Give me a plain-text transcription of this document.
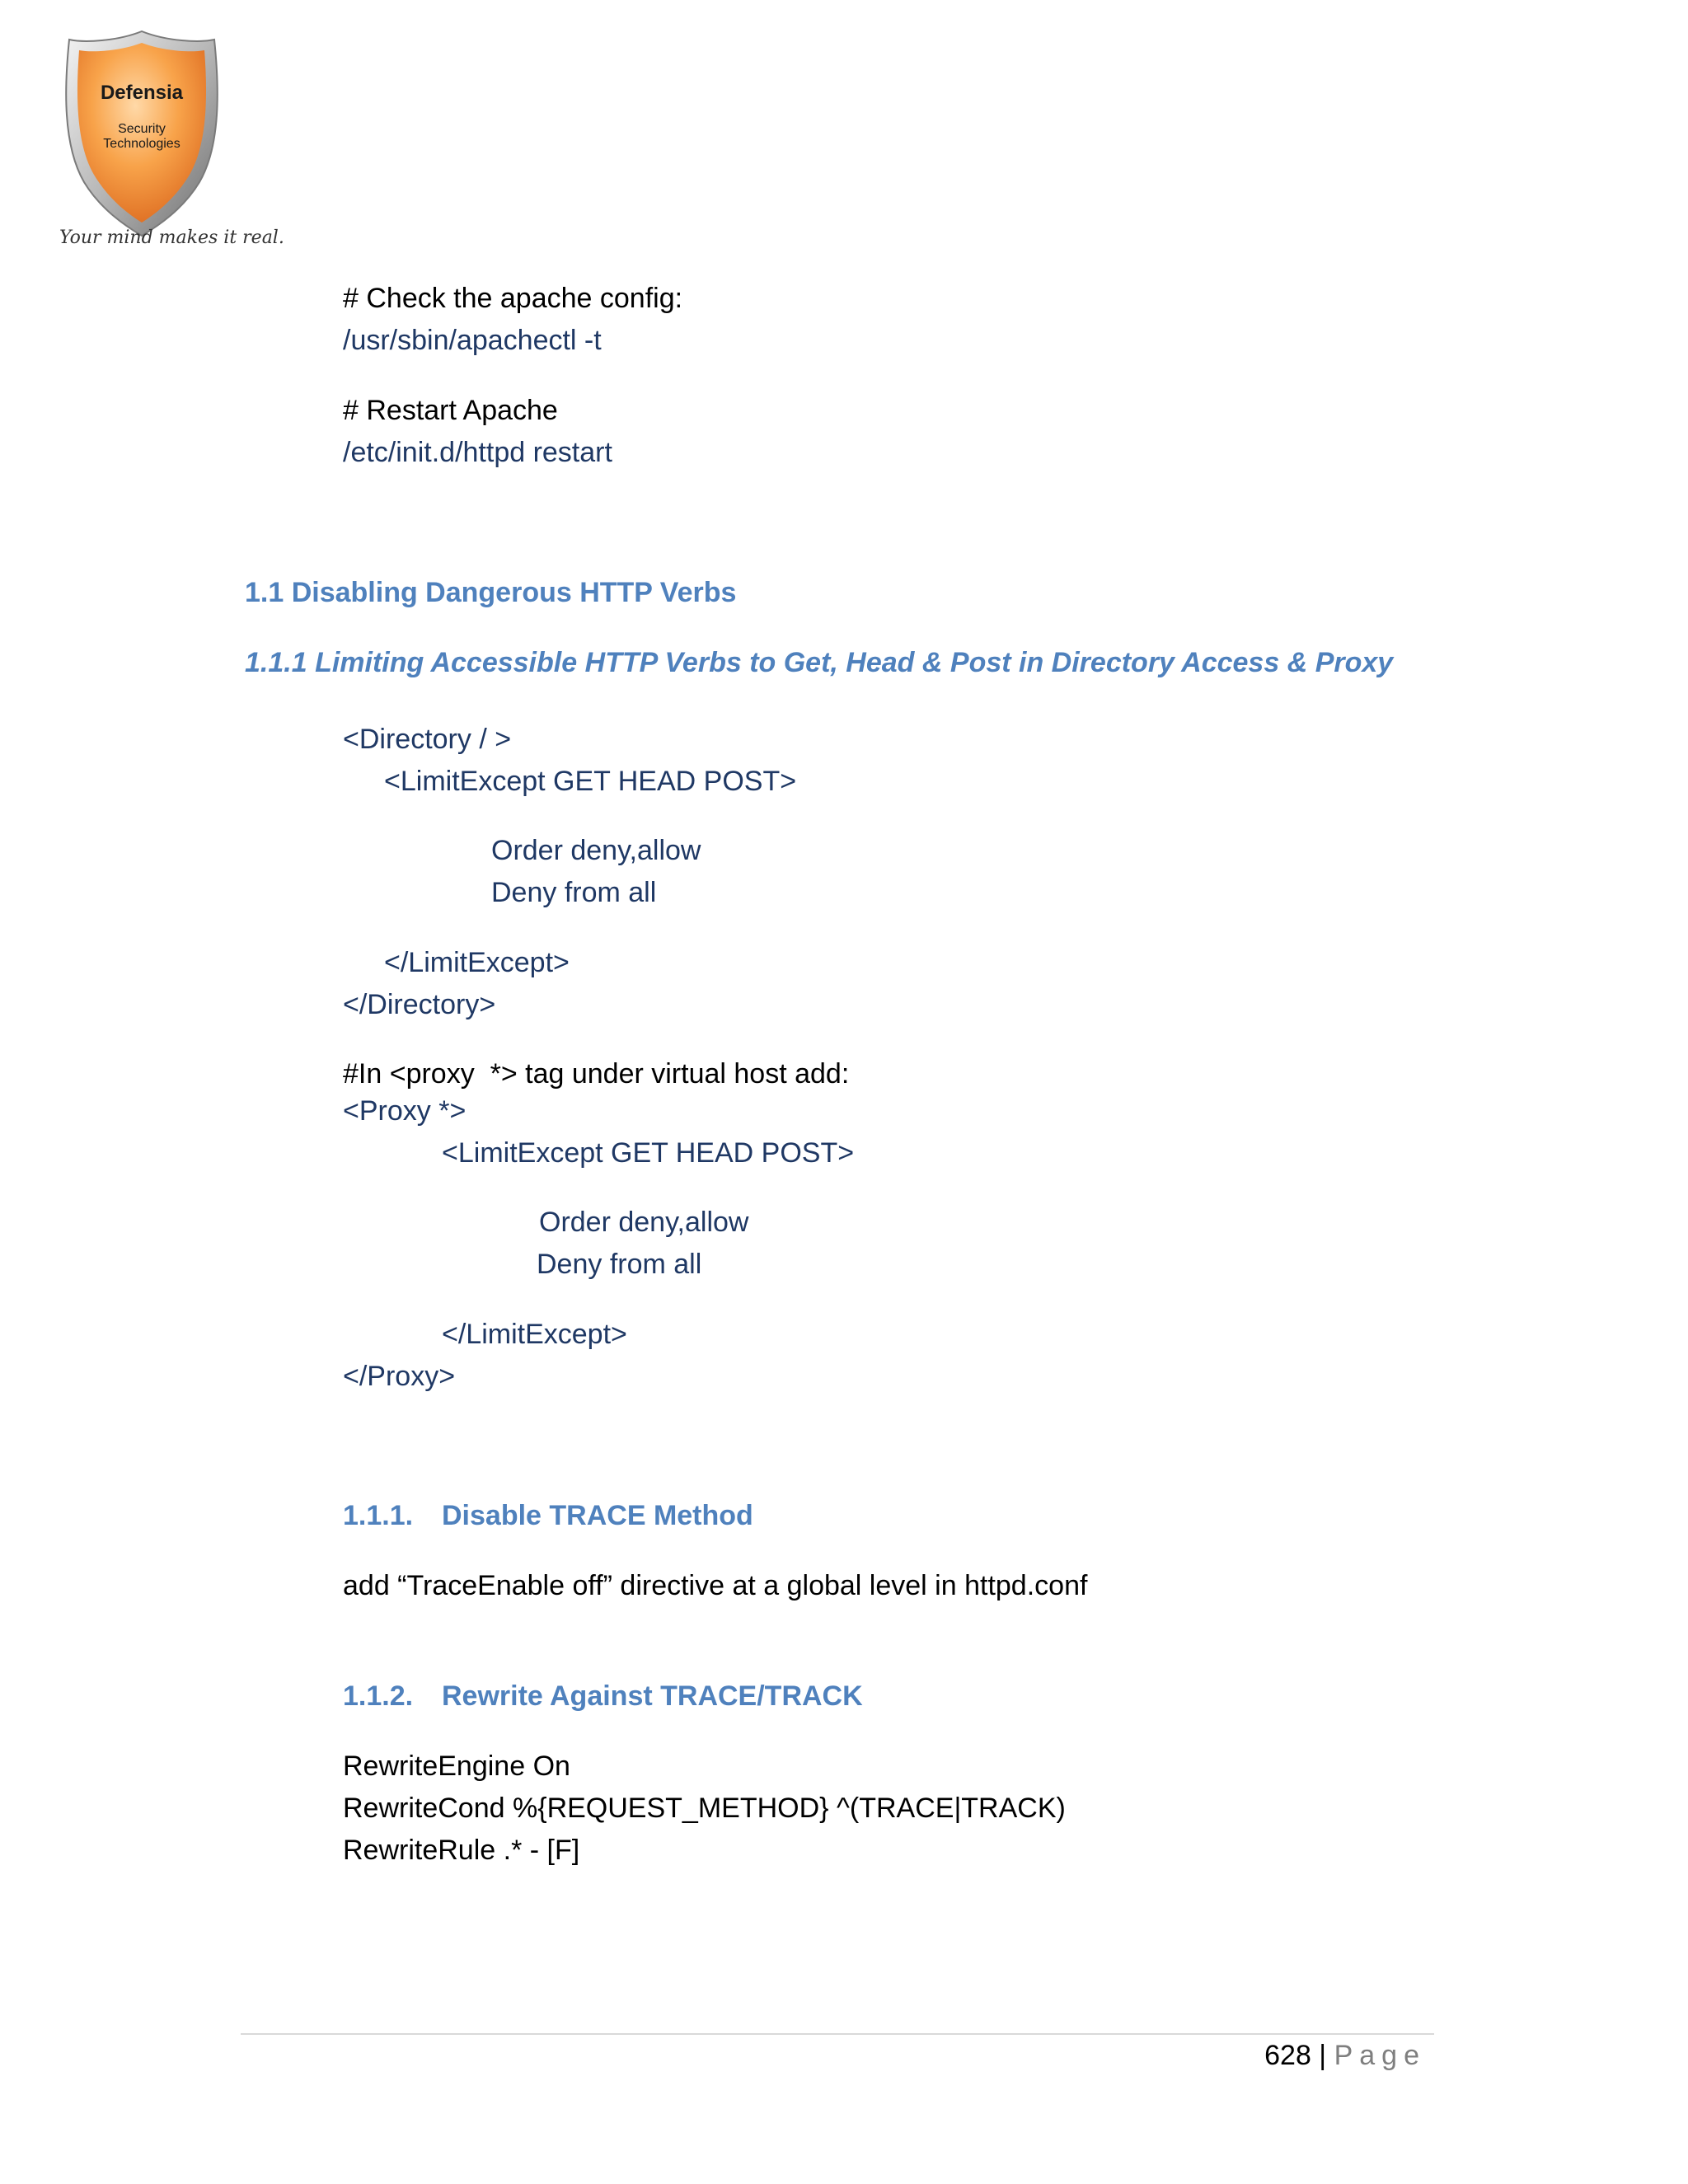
Defensia
Security
Technologies
Your mind makes it real.
# Check the apache config:
/usr/sbin/apachectl -t
# Restart Apache
/etc/init.d/httpd restart
1.1 Disabling Dangerous HTTP Verbs
1.1.1 Limiting Accessible HTTP Verbs to Get, Head & Post in Directory Access & Proxy
<Directory / >
<LimitExcept GET HEAD POST>
Order deny,allow
Deny from all
</LimitExcept>
</Directory>
#In <proxy  *> tag under virtual host add:
<Proxy *>
<LimitExcept GET HEAD POST>
Order deny,allow
Deny from all
</LimitExcept>
</Proxy>
1.1.1. Disable TRACE Method
add “TraceEnable off” directive at a global level in httpd.conf
1.1.2. Rewrite Against TRACE/TRACK
RewriteEngine On
RewriteCond %{REQUEST_METHOD} ^(TRACE|TRACK)
RewriteRule .* - [F]
628 | Page
